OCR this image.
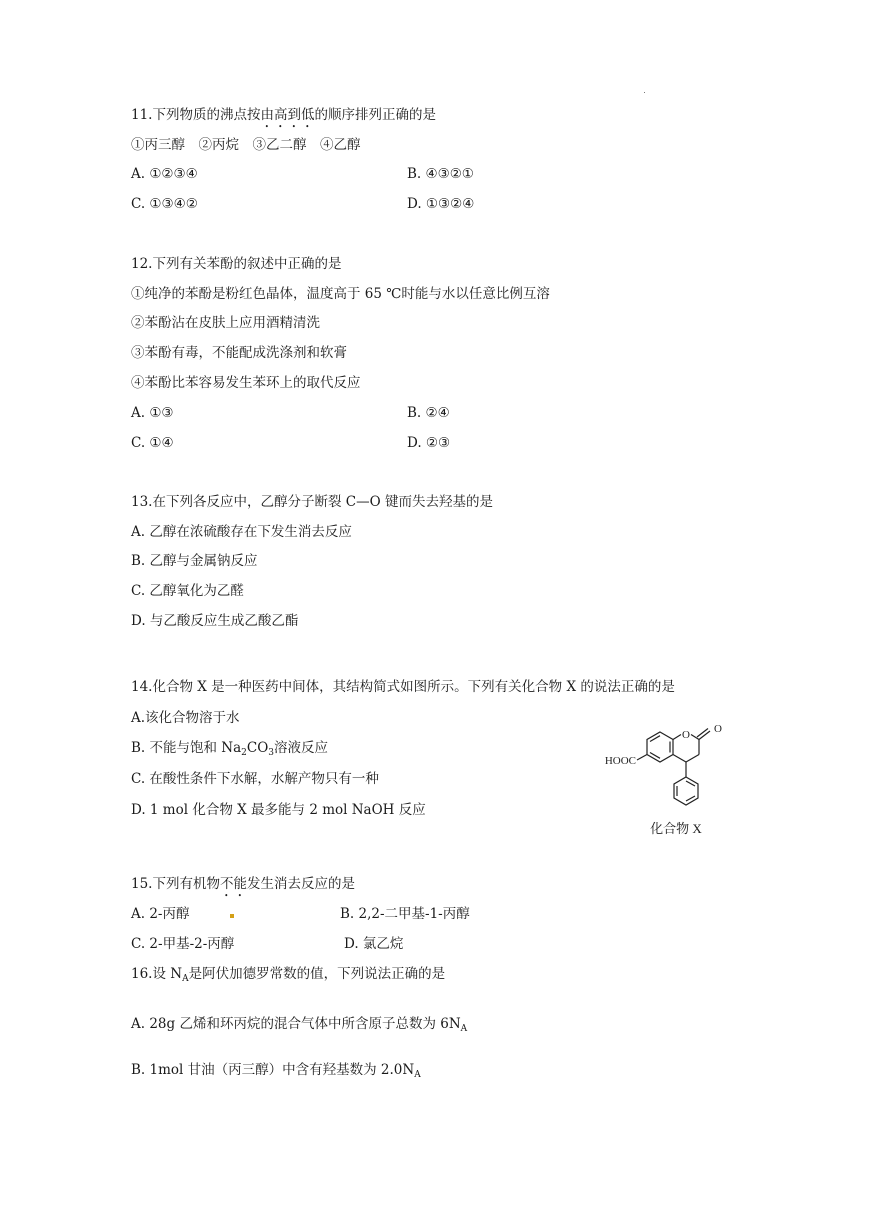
11.下列物质的沸点按由高到低的顺序排列正确的是
①丙三醇　②丙烷　③乙二醇　④乙醇
A. ①②③④	B. ④③②①
C. ①③④②	D. ①③②④
12.下列有关苯酚的叙述中正确的是
①纯净的苯酚是粉红色晶体，温度高于 65 ℃时能与水以任意比例互溶
②苯酚沾在皮肤上应用酒精清洗
③苯酚有毒，不能配成洗涤剂和软膏
④苯酚比苯容易发生苯环上的取代反应
A. ①③	B. ②④
C. ①④	D. ②③
13.在下列各反应中，乙醇分子断裂 C—O 键而失去羟基的是
A. 乙醇在浓硫酸存在下发生消去反应
B. 乙醇与金属钠反应
C. 乙醇氧化为乙醛
D. 与乙酸反应生成乙酸乙酯
14.化合物 X 是一种医药中间体，其结构简式如图所示。下列有关化合物 X 的说法正确的是
A.该化合物溶于水
B. 不能与饱和 $Na_2CO_3$溶液反应
C. 在酸性条件下水解，水解产物只有一种
D. 1 mol 化合物 X 最多能与 2 mol NaOH 反应
O O
HOOC
化合物 X
15.下列有机物不能发生消去反应的是
A. 2-丙醇	B. 2,2-二甲基-1-丙醇
C. 2-甲基-2-丙醇	D. 氯乙烷
16.设 $N_A$是阿伏加德罗常数的值，下列说法正确的是
A. 28g 乙烯和环丙烷的混合气体中所含原子总数为 $6N_A$
B. 1mol 甘油（丙三醇）中含有羟基数为 $2.0N_A$
